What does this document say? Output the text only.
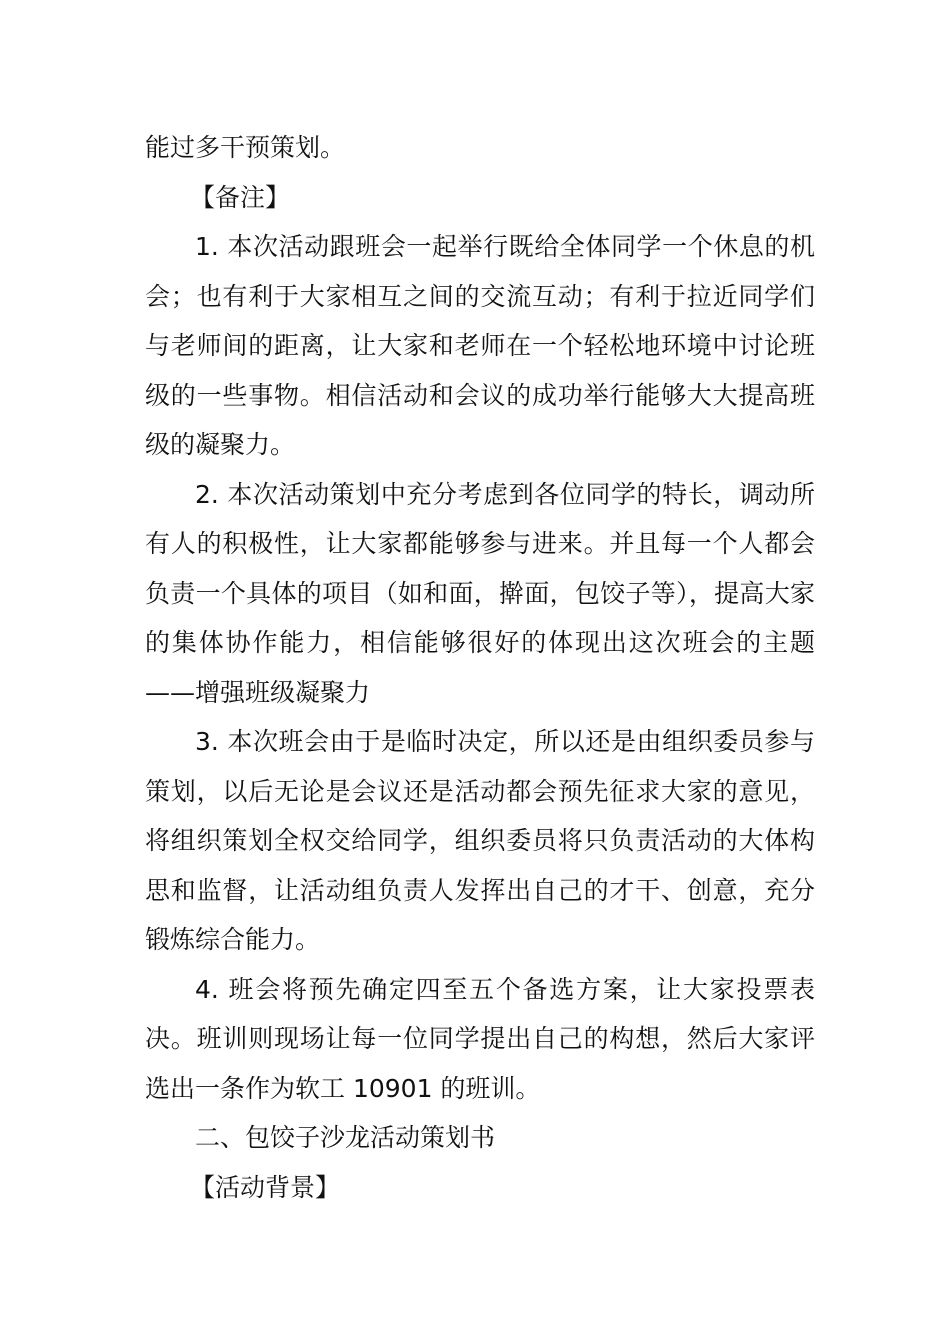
能过多干预策划。

【备注】

1. 本次活动跟班会一起举行既给全体同学一个休息的机会；也有利于大家相互之间的交流互动；有利于拉近同学们与老师间的距离，让大家和老师在一个轻松地环境中讨论班级的一些事物。相信活动和会议的成功举行能够大大提高班级的凝聚力。

2. 本次活动策划中充分考虑到各位同学的特长，调动所有人的积极性，让大家都能够参与进来。并且每一个人都会负责一个具体的项目（如和面，擀面，包饺子等），提高大家的集体协作能力，相信能够很好的体现出这次班会的主题——增强班级凝聚力

3. 本次班会由于是临时决定，所以还是由组织委员参与策划，以后无论是会议还是活动都会预先征求大家的意见，将组织策划全权交给同学，组织委员将只负责活动的大体构思和监督，让活动组负责人发挥出自己的才干、创意，充分锻炼综合能力。

4. 班会将预先确定四至五个备选方案，让大家投票表决。班训则现场让每一位同学提出自己的构想，然后大家评选出一条作为软工 10901 的班训。

二、包饺子沙龙活动策划书

【活动背景】
